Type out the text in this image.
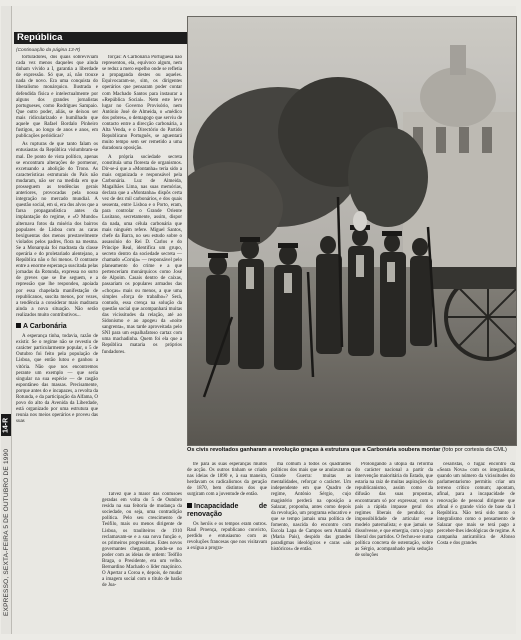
EXPRESSO, SEXTA-FEIRA 5 DE OUTUBRO DE 1990
14-R
República
(Continuação da página 13-R)

torturadores, dos quais sobreviviam cada vez menos daqueles que ainda tinham vivido a I, garantia a liberdade de expressão. Só que, aí, não trouxe nada de novo. Era uma conquista do liberalismo monárquico. Ilustrada e defendida física e intelectualmente por alguns dos grandes jornalistas portugueses, como Rodrigues Sampaio. Que outro poder, aliás, se deixou ser mais ridicularizado e humilhado que aquele que Rafael Bordalo Pinheiro fustigou, ao longo de anos e anos, em publicações periódicas?

As rupturas de que tanto falam os entusiastas da República vislumbram-se mal. De ponto de vista político, apenas se encontram alterações de pormenor, excetuando a abolição do Trono. As características estruturais do País não mudaram, não ser na medida em que prosseguem as tendências gerais anteriores, provocadas pela nossa integração no mercado mundial. A questão social, em si, era dos alvos que a farsa propagandística antes da implantação do regime, e «O Mundo» alternava fotos da miséria dos bairros populares de Lisboa com as caras bexiguentas dos menos prestavelmente violados pelos padres, flora na mesma. Se a Monarquia foi madrasta da classe operária e do proletariado alentejano, a República não o foi menos. O contraste entre a enorme esperança suscitada pelas jornadas da Rotunda, expressa no surto de greves que se lhe seguem, e a repressão que lhe respondeu, apoiada por essa chapelada manifestação de republicanos, suscita menos, por vezes, a tendência a considerar mais madrasta ainda a nova situação. Não serão realizados muito contributivos...

A Carbonária

A esperança tinha, todavia, razão de existir. Se o regime não se revestiu de carácter particularmente popular, o 5 de Outubro foi feito pela população de Lisboa, que então lutou e ganhou a vitória. Não que nos encontremos perante um exemplo — que seria singular na sua espécie — de rasgão espontâneo das massas. Precisamente, porque antes do e incapazes, a revolta da Rotunda, e da participação da Alfama, O povo do alto da Avenida da Liberdade, está organizado por uma estrutura que reunia nos meios operários e proveu das suas

forças: A Carbonária Portuguesa não representou, ela, equívoco algum, nem se reduz a mero espelho onde se refletia a propaganda destes ou aqueles. Equivocaram-se, sim, os dirigentes operários que pensaram poder contar com Machado Santos para instaurar a «República Social». Nem este leve lugar no Governo Provisório, nem António José de Almeida, o «médico dos pobres», o demagogo que serviu de contacto entre a direcção carbonária, a Alta Venda, e o Directório do Partido Republicano Português, se aguentará muito tempo sem ser remetido a uma duradoura oposição.

A própria sociedade secreta constituía uma floresta de organismos. Dir-se-á que a «Montanha» teria sido a mais organizada e responsável pela Carbonária. Luz de Almeida, Magalhães Lima, nas suas memórias, declara que a «Montanha» dispôs certa vez de dez mil carbonários, e dos quais sessenta, entre Lisboa e o Porto, eram, para controlar o Grande Oriente Lusitano, secretamente, assim, dispor da nada, uma célula carbonária que mais ninguém refere. Miguel Santos, chefe da Barra, no seu estudo sobre o assassínio do Rei D. Carlos e do Príncipe Real, identifica um grupo, secreto dentro da sociedade secreta — chamado «Coruja» — responsável pelo planeamento do crime e a que pertenceriam monárquicos como José de Alpoim. Casais dentro de caixas, passariam os populares armados das «choças» mais ou menos, a que uma simples «força de trabalho»? Será, contudo, essa crença na solução da questão social que acompanhará muitas das vicissitudes da relação, até ao Sidonismo e ao apogeu da «noite sangrenta», mas tarde aproveitada pelo SNI para um espalhafatoso cartaz com uma machadinha. Quem foi ela que a República mataria os próprios fundadores.

Os civis revoltados ganharam a revolução graças à estrutura que a Carbonária soubera montar (foto por cortesia da CML)

Talvez que a maior das confusões geradas em volta do 5 de Outubro resida na sua feitoria de mudança da sociedade, ou seja, uma contradição política. Pelo seu crescimento de Teófilo, mais ou menos dirigente de Lisboa, os trauliteiros de 1910 reclamavam-se e a sua nova função e, os primeiros progressistas. Estes novos governantes chegaram, pondo-se no poder com as ideias de ordem: Teófilo Braga, o Presidente, era um velho. Bernardino Machado o líder maçónico. O Apertar a Coroa e, depois, de mudar a imagem social com o título de barão de Joa-

tre para as suas esperanças muitos de acção. Os outros tinham se criado nas ideias de 1890 e, à sua maneira, herdavam os radicalismos da geração de 1870, bem distintos dos que surgiram com a juventude de então.

Incapacidade de renovação

Os heróis e os tempos eram outros. Raul Proença, republicano convicto, perdido e entusiasmo com as revoluções francesas que nos visitavam a exígua a progra-

ma comum a todos os quadrantes políticos dos mais que se anulavam na Grande Guerra: muitas as mentalidades, reforçar o carácter. Um independente em que Quadro de regime, António Sérgio, cujo magistério perderá na oposição a Salazar, proponha, antes como depois da revolução, um programa educativo e que se tempo jamais uma política de fomento, nascida do encontro com Escola Lapa de Campos sem Amanhã (Maria Pais), despido das grandes paradigmas ideológicos e caras «ais históricos» de então.

Prolongando a utopia da reforma do carácter nacional a partir da intervenção maioritária do Estado, que estaria na raiz de muitas aspirações do republicanismo, assim como da difusão das suas propostas, encontraram só por expressar, com o país a rápida impasse geral dos regimes liberais de pendulo; a impossibilidade de articular esse modelo paternalista; e que jamais se dissolvesse, e que emergia, com o jogo liberal dos partidos. O fechou-se numa política concreta de ostentação, sobre as Sérgio, acompanhado pela sedução de soluções

cesaristas, o fugaz encontro da «Seara Nova» com os integralistas, quando um número da vicissitudes do parlamentarismo permitiu criar um terreno crítico comum; apontam, afinal, para a incapacidade de renovação de pessoal dirigente que afinal é o grande vício de base da I República. Não terá sido tanto o integralismo como o pensamento de Salazar que mais se terá pago a perceber-lhes ideológicas de regime. A campanha anticatólica de Afonso Costa e dos grandes
